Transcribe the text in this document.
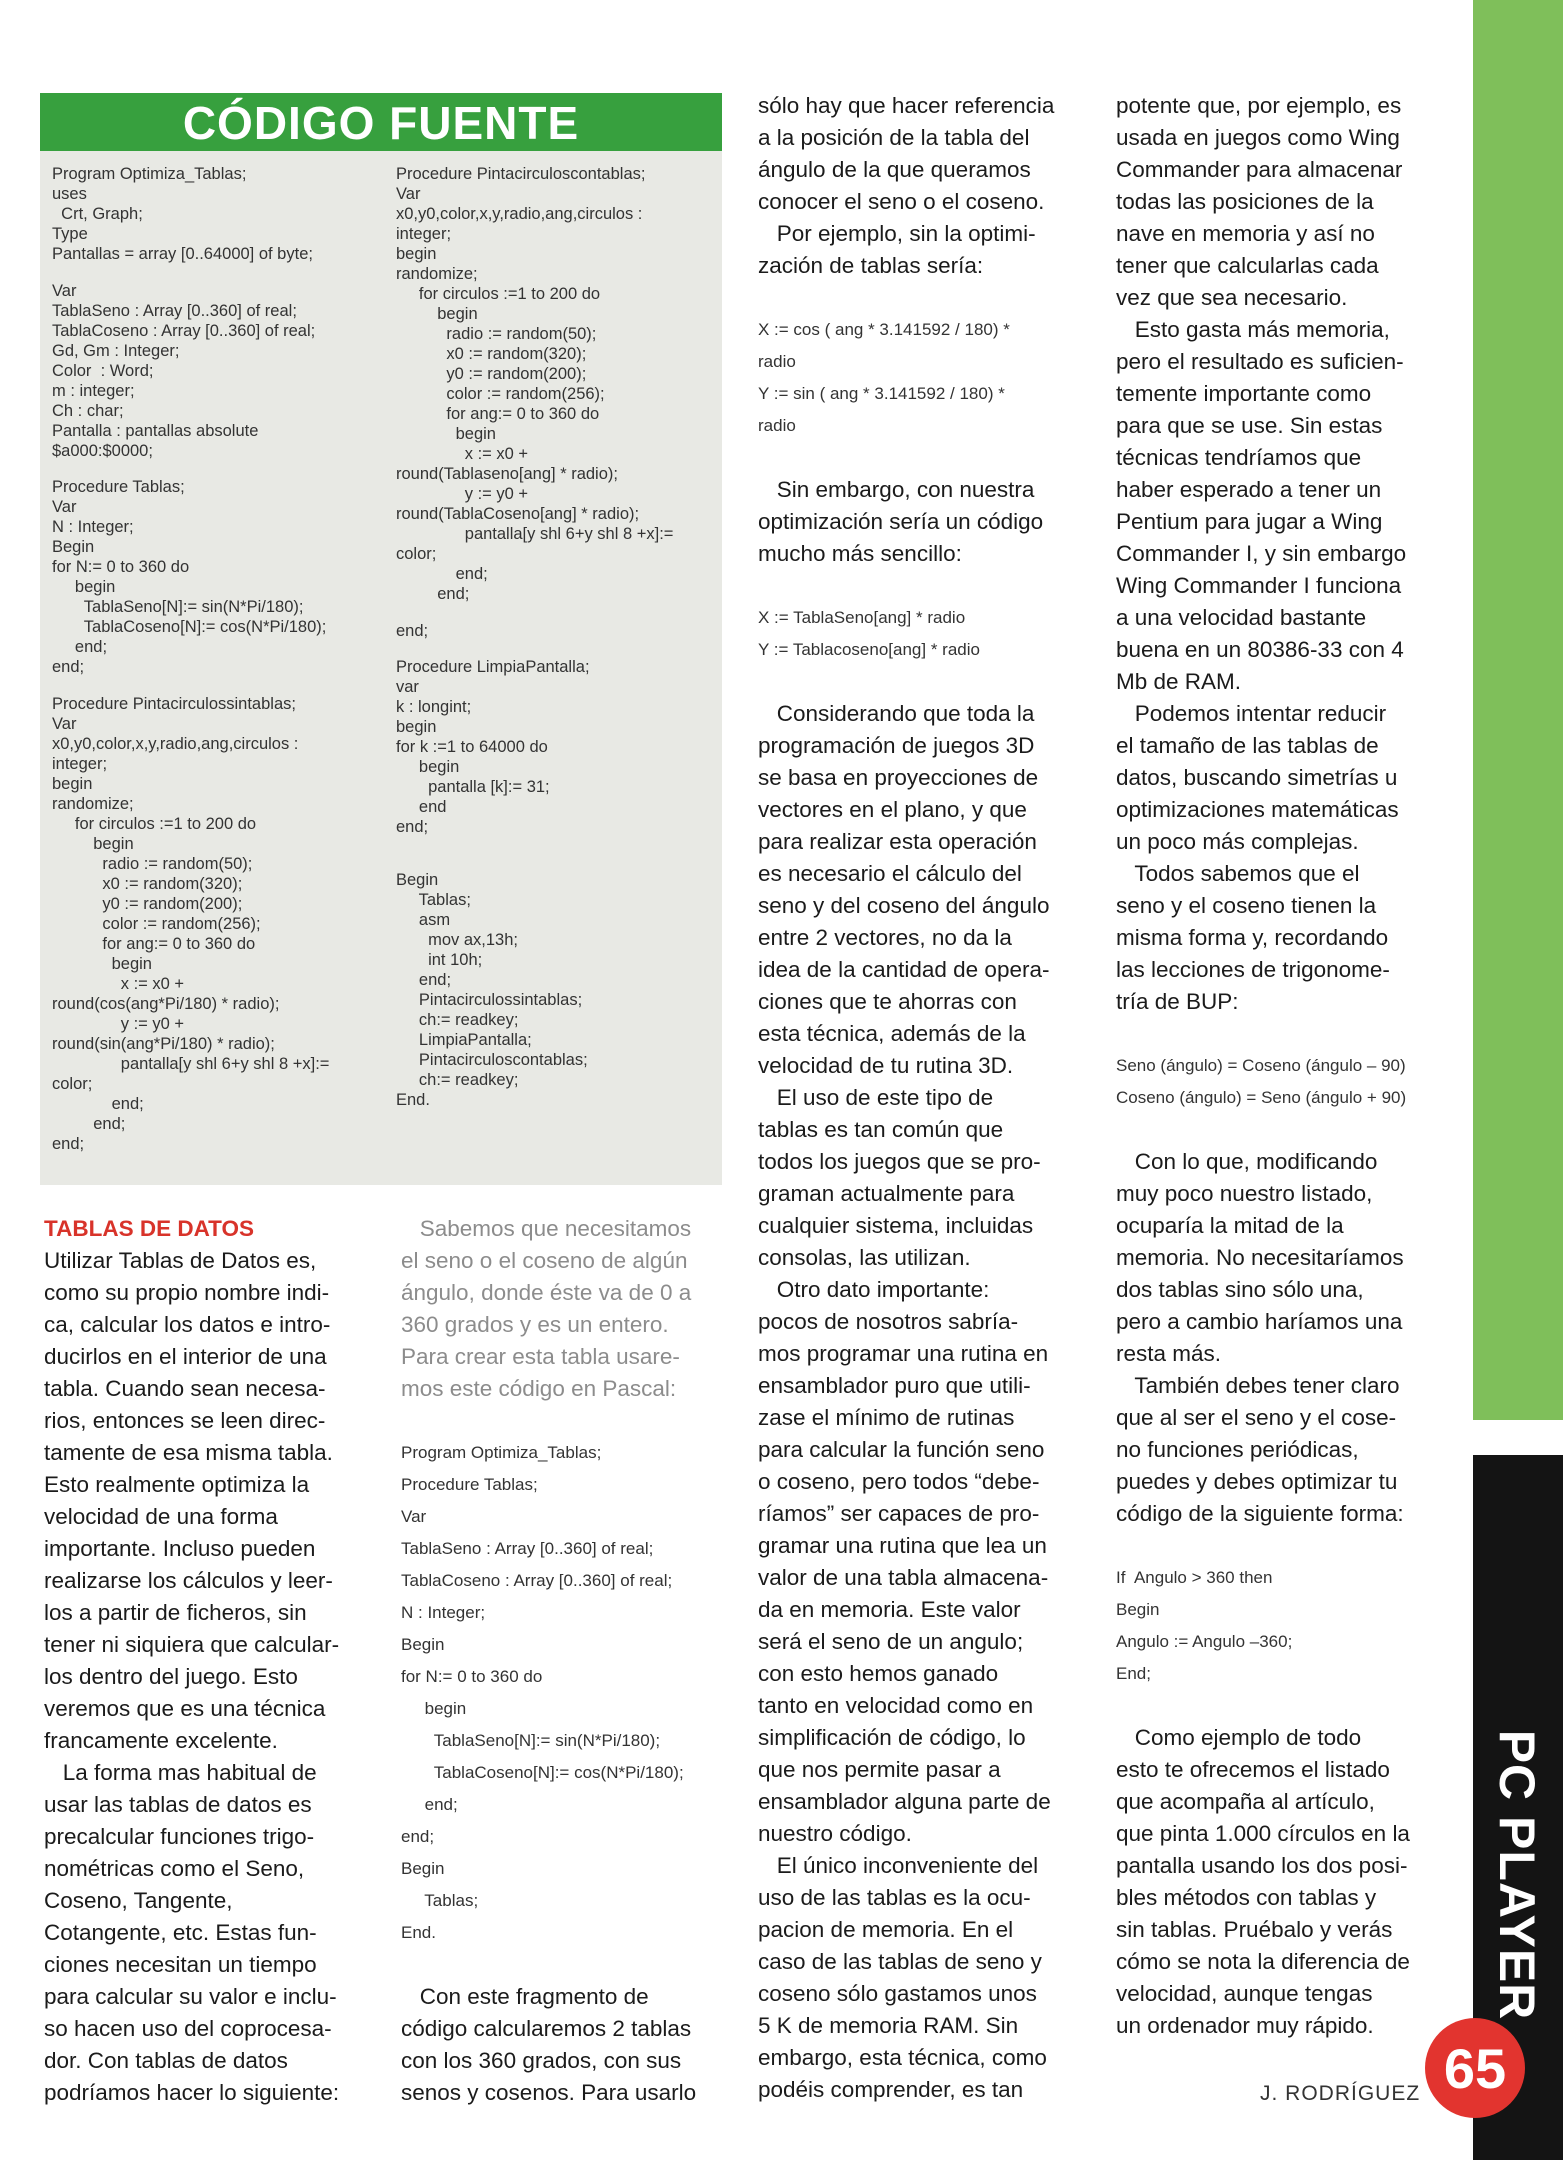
PC PLAYER
65
CÓDIGO FUENTE
Program Optimiza_Tablas;
uses
Crt, Graph;
Type
Pantallas = array [0..64000] of byte;
Var
TablaSeno : Array [0..360] of real;
TablaCoseno : Array [0..360] of real;
Gd, Gm : Integer;
Color  : Word;
m : integer;
Ch : char;
Pantalla : pantallas absolute
$a000:$0000;
Procedure Tablas;
Var
N : Integer;
Begin
for N:= 0 to 360 do
begin
TablaSeno[N]:= sin(N*Pi/180);
TablaCoseno[N]:= cos(N*Pi/180);
end;
end;
Procedure Pintacirculossintablas;
Var
x0,y0,color,x,y,radio,ang,circulos :
integer;
begin
randomize;
for circulos :=1 to 200 do
begin
radio := random(50);
x0 := random(320);
y0 := random(200);
color := random(256);
for ang:= 0 to 360 do
begin
x := x0 +
round(cos(ang*Pi/180) * radio);
y := y0 +
round(sin(ang*Pi/180) * radio);
pantalla[y shl 6+y shl 8 +x]:=
color;
end;
end;
end;
Procedure Pintacirculoscontablas;
Var
x0,y0,color,x,y,radio,ang,circulos :
integer;
begin
randomize;
for circulos :=1 to 200 do
begin
radio := random(50);
x0 := random(320);
y0 := random(200);
color := random(256);
for ang:= 0 to 360 do
begin
x := x0 +
round(Tablaseno[ang] * radio);
y := y0 +
round(TablaCoseno[ang] * radio);
pantalla[y shl 6+y shl 8 +x]:=
color;
end;
end;
end;
Procedure LimpiaPantalla;
var
k : longint;
begin
for k :=1 to 64000 do
begin
pantalla [k]:= 31;
end
end;
Begin
Tablas;
asm
mov ax,13h;
int 10h;
end;
Pintacirculossintablas;
ch:= readkey;
LimpiaPantalla;
Pintacirculoscontablas;
ch:= readkey;
End.
TABLAS DE DATOS
Utilizar Tablas de Datos es,
como su propio nombre indi-
ca, calcular los datos e intro-
ducirlos en el interior de una
tabla. Cuando sean necesa-
rios, entonces se leen direc-
tamente de esa misma tabla.
Esto realmente optimiza la
velocidad de una forma
importante. Incluso pueden
realizarse los cálculos y leer-
los a partir de ficheros, sin
tener ni siquiera que calcular-
los dentro del juego. Esto
veremos que es una técnica
francamente excelente.
La forma mas habitual de
usar las tablas de datos es
precalcular funciones trigo-
nométricas como el Seno,
Coseno, Tangente,
Cotangente, etc. Estas fun-
ciones necesitan un tiempo
para calcular su valor e inclu-
so hacen uso del coprocesa-
dor. Con tablas de datos
podríamos hacer lo siguiente:
Sabemos que necesitamos
el seno o el coseno de algún
ángulo, donde éste va de 0 a
360 grados y es un entero.
Para crear esta tabla usare-
mos este código en Pascal:
Program Optimiza_Tablas;
Procedure Tablas;
Var
TablaSeno : Array [0..360] of real;
TablaCoseno : Array [0..360] of real;
N : Integer;
Begin
for N:= 0 to 360 do
begin
TablaSeno[N]:= sin(N*Pi/180);
TablaCoseno[N]:= cos(N*Pi/180);
end;
end;
Begin
Tablas;
End.
Con este fragmento de
código calcularemos 2 tablas
con los 360 grados, con sus
senos y cosenos. Para usarlo
sólo hay que hacer referencia
a la posición de la tabla del
ángulo de la que queramos
conocer el seno o el coseno.
Por ejemplo, sin la optimi-
zación de tablas sería:
X := cos ( ang * 3.141592 / 180) *
radio
Y := sin ( ang * 3.141592 / 180) *
radio
Sin embargo, con nuestra
optimización sería un código
mucho más sencillo:
X := TablaSeno[ang] * radio
Y := Tablacoseno[ang] * radio
Considerando que toda la
programación de juegos 3D
se basa en proyecciones de
vectores en el plano, y que
para realizar esta operación
es necesario el cálculo del
seno y del coseno del ángulo
entre 2 vectores, no da la
idea de la cantidad de opera-
ciones que te ahorras con
esta técnica, además de la
velocidad de tu rutina 3D.
El uso de este tipo de
tablas es tan común que
todos los juegos que se pro-
graman actualmente para
cualquier sistema, incluidas
consolas, las utilizan.
Otro dato importante:
pocos de nosotros sabría-
mos programar una rutina en
ensamblador puro que utili-
zase el mínimo de rutinas
para calcular la función seno
o coseno, pero todos “debe-
ríamos” ser capaces de pro-
gramar una rutina que lea un
valor de una tabla almacena-
da en memoria. Este valor
será el seno de un angulo;
con esto hemos ganado
tanto en velocidad como en
simplificación de código, lo
que nos permite pasar a
ensamblador alguna parte de
nuestro código.
El único inconveniente del
uso de las tablas es la ocu-
pacion de memoria. En el
caso de las tablas de seno y
coseno sólo gastamos unos
5 K de memoria RAM. Sin
embargo, esta técnica, como
podéis comprender, es tan
potente que, por ejemplo, es
usada en juegos como Wing
Commander para almacenar
todas las posiciones de la
nave en memoria y así no
tener que calcularlas cada
vez que sea necesario.
Esto gasta más memoria,
pero el resultado es suficien-
temente importante como
para que se use. Sin estas
técnicas tendríamos que
haber esperado a tener un
Pentium para jugar a Wing
Commander I, y sin embargo
Wing Commander I funciona
a una velocidad bastante
buena en un 80386-33 con 4
Mb de RAM.
Podemos intentar reducir
el tamaño de las tablas de
datos, buscando simetrías u
optimizaciones matemáticas
un poco más complejas.
Todos sabemos que el
seno y el coseno tienen la
misma forma y, recordando
las lecciones de trigonome-
tría de BUP:
Seno (ángulo) = Coseno (ángulo – 90)
Coseno (ángulo) = Seno (ángulo + 90)
Con lo que, modificando
muy poco nuestro listado,
ocuparía la mitad de la
memoria. No necesitaríamos
dos tablas sino sólo una,
pero a cambio haríamos una
resta más.
También debes tener claro
que al ser el seno y el cose-
no funciones periódicas,
puedes y debes optimizar tu
código de la siguiente forma:
If  Angulo > 360 then
Begin
Angulo := Angulo –360;
End;
Como ejemplo de todo
esto te ofrecemos el listado
que acompaña al artículo,
que pinta 1.000 círculos en la
pantalla usando los dos posi-
bles métodos con tablas y
sin tablas. Pruébalo y verás
cómo se nota la diferencia de
velocidad, aunque tengas
un ordenador muy rápido.
J. RODRÍGUEZ
